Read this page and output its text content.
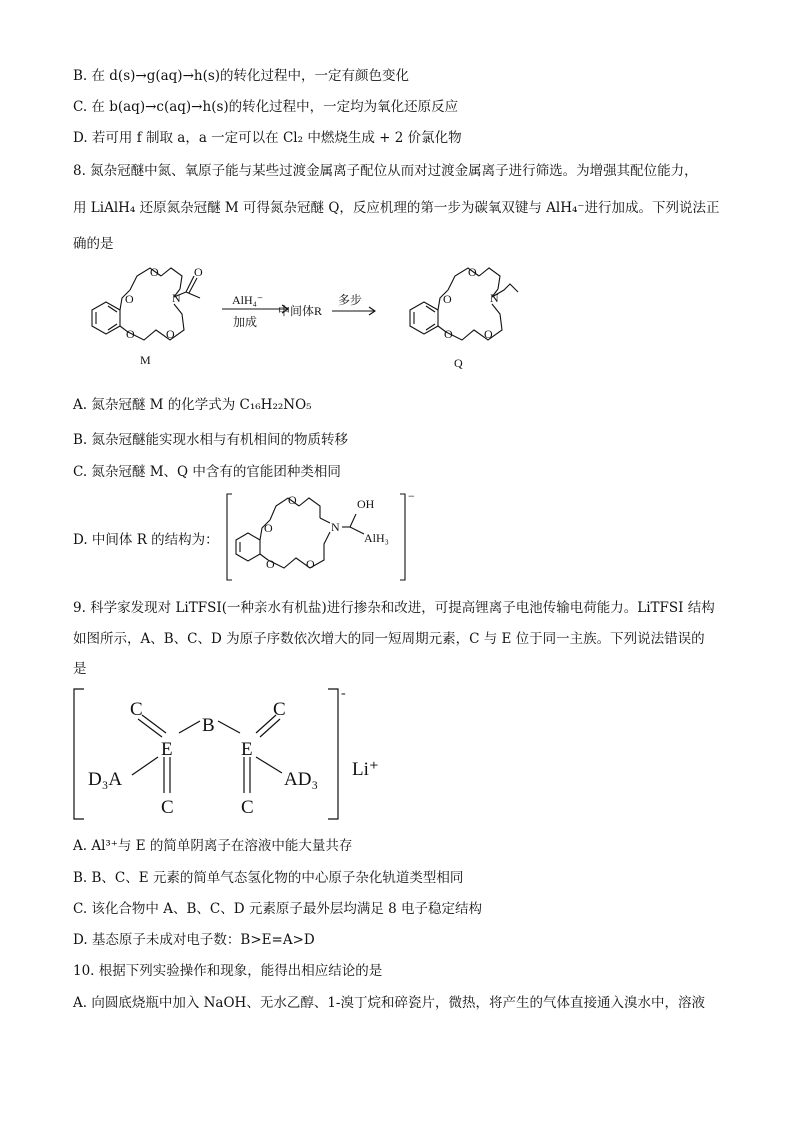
B. 在 d(s)→g(aq)→h(s)的转化过程中，一定有颜色变化
C. 在 b(aq)→c(aq)→h(s)的转化过程中，一定均为氧化还原反应
D. 若可用 f 制取 a，a 一定可以在 Cl₂ 中燃烧生成 + 2 价氯化物
8. 氮杂冠醚中氮、氧原子能与某些过渡金属离子配位从而对过渡金属离子进行筛选。为增强其配位能力，
用 LiAlH₄ 还原氮杂冠醚 M 可得氮杂冠醚 Q，反应机理的第一步为碳氧双键与 AlH₄⁻进行加成。下列说法正
确的是
O
O
O	O
N
O
M
AlH₄⁻
加成
中间体R
多步	O
O
O	O
N
Q
A. 氮杂冠醚 M 的化学式为 C₁₆H₂₂NO₅
B. 氮杂冠醚能实现水相与有机相间的物质转移
C. 氮杂冠醚 M、Q 中含有的官能团种类相同
D. 中间体 R 的结构为：
O
O
O	O
N
OH
AlH₃
−
9. 科学家发现对 LiTFSI(一种亲水有机盐)进行掺杂和改进，可提高锂离子电池传输电荷能力。LiTFSI 结构
如图所示，A、B、C、D 为原子序数依次增大的同一短周期元素，C 与 E 位于同一主族。下列说法错误的
是
C
B
C
E	E
D₃A	AD₃
C	C
Li⁺
-
A. Al³⁺与 E 的简单阴离子在溶液中能大量共存
B. B、C、E 元素的简单气态氢化物的中心原子杂化轨道类型相同
C. 该化合物中 A、B、C、D 元素原子最外层均满足 8 电子稳定结构
D. 基态原子未成对电子数：B>E=A>D
10. 根据下列实验操作和现象，能得出相应结论的是
A. 向圆底烧瓶中加入 NaOH、无水乙醇、1-溴丁烷和碎瓷片，微热，将产生的气体直接通入溴水中，溶液
